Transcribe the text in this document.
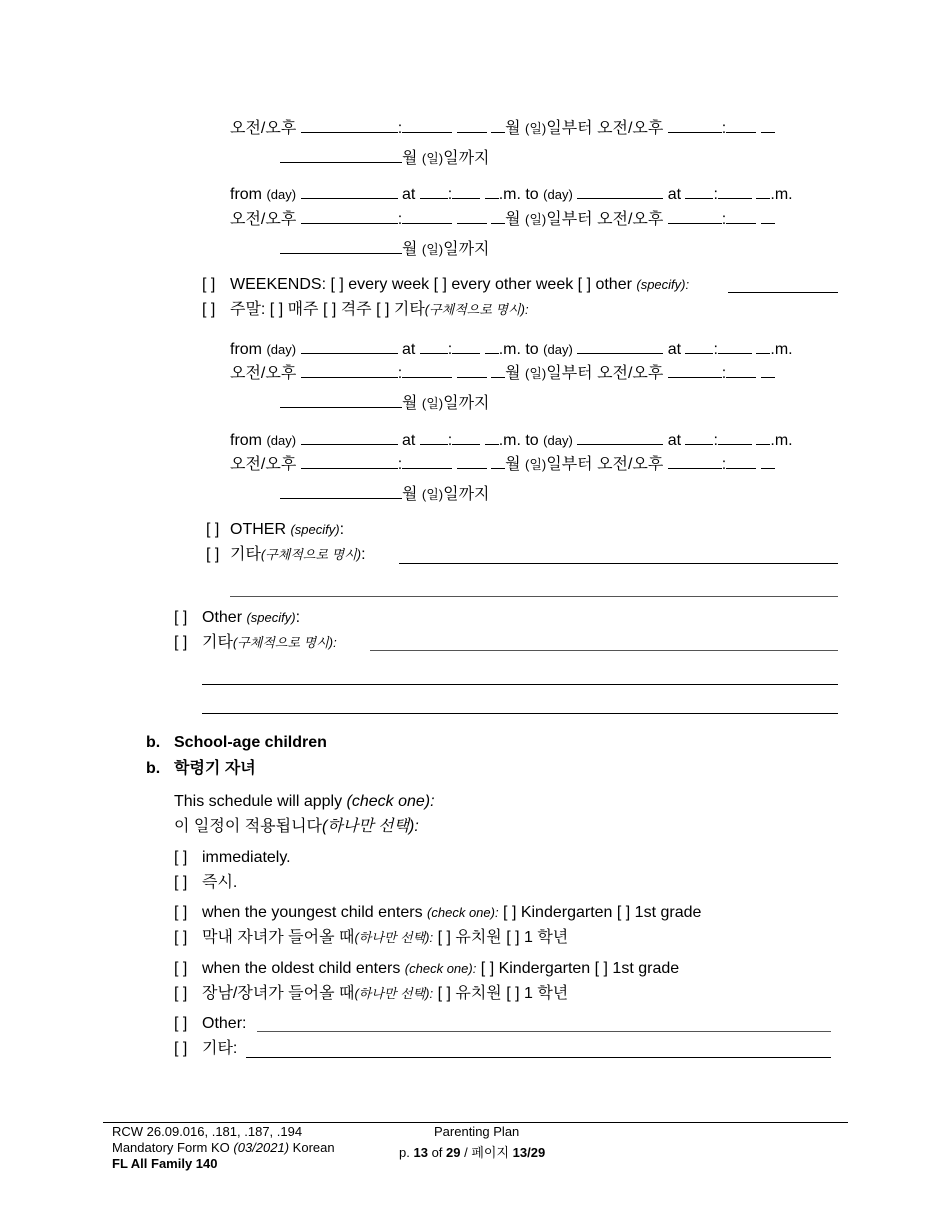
오전/오후	:	월 (일)일부터 오전/오후	:
월 (일)일까지
from (day)	at :	.m. to (day)	at :	.m.
오전/오후	:	월 (일)일부터 오전/오후	:
월 (일)일까지
[ ] WEEKENDS: [ ] every week [ ] every other week [ ] other (specify):
[ ] 주말: [ ] 매주 [ ] 격주 [ ] 기타(구체적으로 명시):
from (day)	at :	.m. to (day)	at :	.m.
오전/오후	:	월 (일)일부터 오전/오후	:
월 (일)일까지
from (day)	at :	.m. to (day)	at :	.m.
오전/오후	:	월 (일)일부터 오전/오후	:
월 (일)일까지
[ ] OTHER (specify):
[ ] 기타(구체적으로 명시):
[ ] Other (specify):
[ ] 기타(구체적으로 명시):
b. School-age children
b. 학령기 자녀
This schedule will apply (check one):
이 일정이 적용됩니다(하나만 선택):
[ ] immediately.
[ ] 즉시.
[ ] when the youngest child enters (check one): [ ] Kindergarten [ ] 1st grade
[ ] 막내 자녀가 들어올 때(하나만 선택): [ ] 유치원 [ ] 1 학년
[ ] when the oldest child enters (check one): [ ] Kindergarten [ ] 1st grade
[ ] 장남/장녀가 들어올 때(하나만 선택): [ ] 유치원 [ ] 1 학년
[ ] Other:
[ ] 기타:
RCW 26.09.016, .181, .187, .194
Mandatory Form KO (03/2021) Korean
FL All Family 140
Parenting Plan
p. 13 of 29 / 페이지 13/29
